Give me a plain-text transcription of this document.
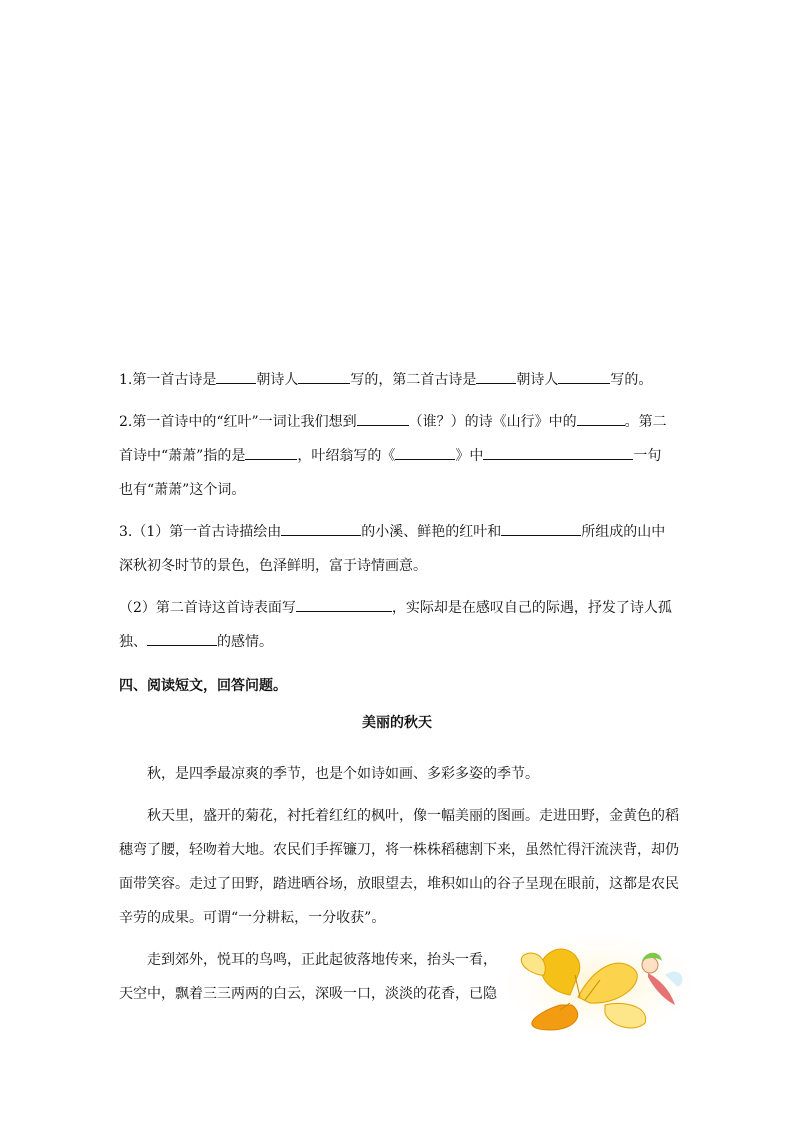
1.第一首古诗是	朝诗人	写的，第二首古诗是	朝诗人	写的。
2.第一首诗中的“红叶”一词让我们想到	（谁？）的诗《山行》中的	。第二
首诗中“萧萧”指的是	，叶绍翁写的《	》中	一句
也有“萧萧”这个词。
3.（1）第一首古诗描绘由	的小溪、鲜艳的红叶和	所组成的山中
深秋初冬时节的景色，色泽鲜明，富于诗情画意。
（2）第二首诗这首诗表面写	，实际却是在感叹自己的际遇，抒发了诗人孤
独、	的感情。
四、阅读短文，回答问题。
美丽的秋天
秋，是四季最凉爽的季节，也是个如诗如画、多彩多姿的季节。
秋天里，盛开的菊花，衬托着红红的枫叶，像一幅美丽的图画。走进田野，金黄色的稻
穗弯了腰，轻吻着大地。农民们手挥镰刀，将一株株稻穗割下来，虽然忙得汗流浃背，却仍
面带笑容。走过了田野，踏进晒谷场，放眼望去，堆积如山的谷子呈现在眼前，这都是农民
辛劳的成果。可谓“一分耕耘，一分收获”。
走到郊外，悦耳的鸟鸣，正此起彼落地传来，抬头一看，
天空中，飘着三三两两的白云，深吸一口，淡淡的花香，已隐
